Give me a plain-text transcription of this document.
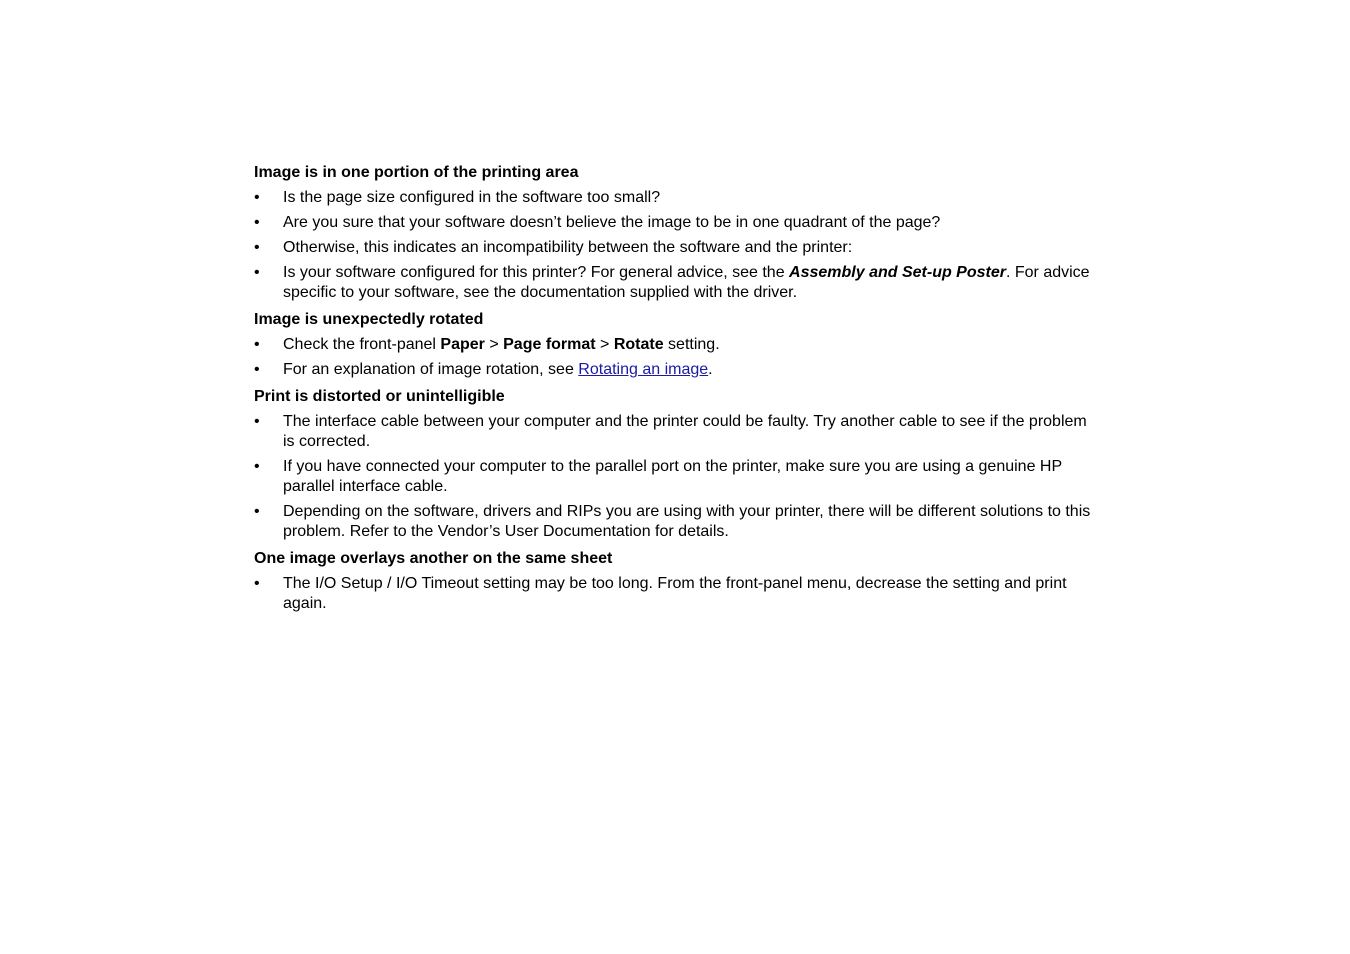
Image is in one portion of the printing area
•	Is the page size configured in the software too small?
•	Are you sure that your software doesn’t believe the image to be in one quadrant of the page?
•	Otherwise, this indicates an incompatibility between the software and the printer:
•	Is your software configured for this printer? For general advice, see the Assembly and Set-up Poster. For advice specific to your software, see the documentation supplied with the driver.
Image is unexpectedly rotated
•	Check the front-panel Paper > Page format > Rotate setting.
•	For an explanation of image rotation, see Rotating an image.
Print is distorted or unintelligible
•	The interface cable between your computer and the printer could be faulty. Try another cable to see if the problem is corrected.
•	If you have connected your computer to the parallel port on the printer, make sure you are using a genuine HP parallel interface cable.
•	Depending on the software, drivers and RIPs you are using with your printer, there will be different solutions to this problem. Refer to the Vendor’s User Documentation for details.
One image overlays another on the same sheet
•	The I/O Setup / I/O Timeout setting may be too long. From the front-panel menu, decrease the setting and print again.
